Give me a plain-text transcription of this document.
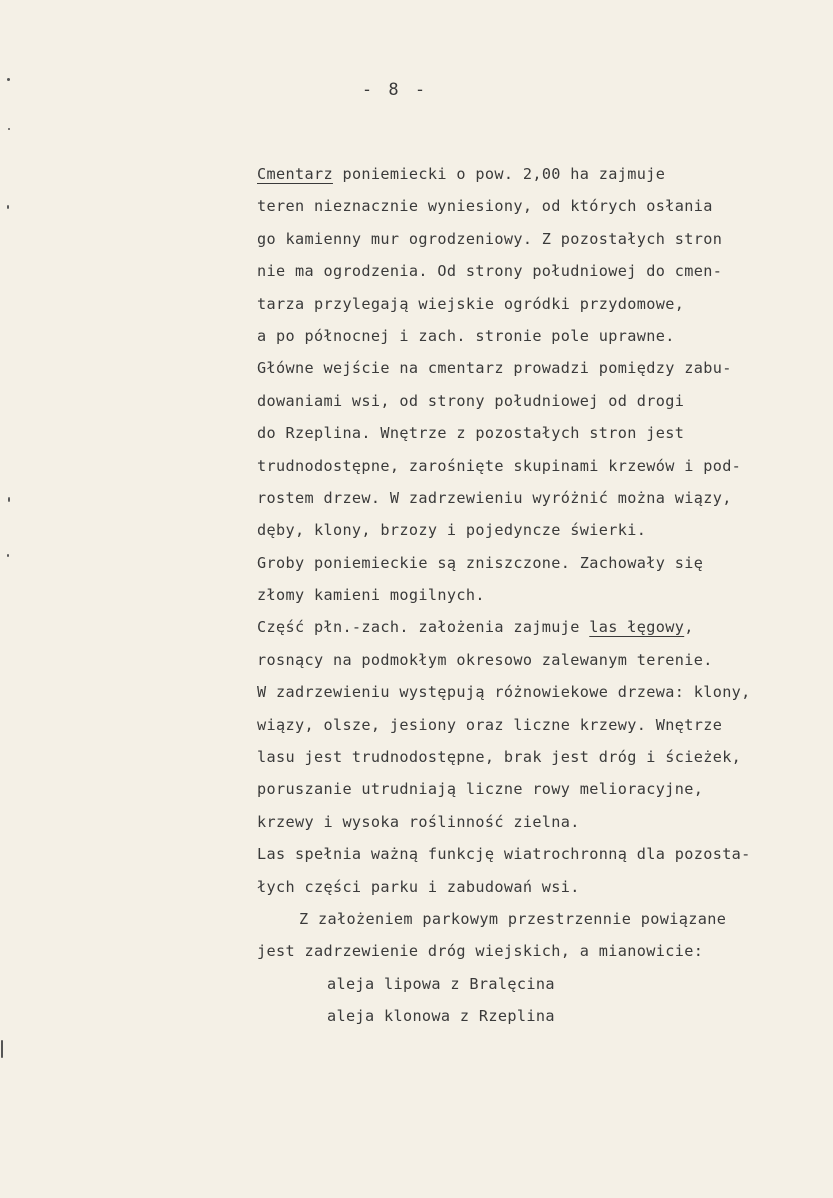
- 8 -
Cmentarz poniemiecki o pow. 2,00 ha zajmuje
teren nieznacznie wyniesiony, od których osłania
go kamienny mur ogrodzeniowy. Z pozostałych stron
nie ma ogrodzenia. Od strony południowej do cmen-
tarza przylegają wiejskie ogródki przydomowe,
a po północnej i zach. stronie pole uprawne.
Główne wejście na cmentarz prowadzi pomiędzy zabu-
dowaniami wsi, od strony południowej od drogi
do Rzeplina. Wnętrze z pozostałych stron jest
trudnodostępne, zarośnięte skupinami krzewów i pod-
rostem drzew. W zadrzewieniu wyróżnić można wiązy,
dęby, klony, brzozy i pojedyncze świerki.
Groby poniemieckie są zniszczone. Zachowały się
złomy kamieni mogilnych.
Część płn.-zach. założenia zajmuje las łęgowy,
rosnący na podmokłym okresowo zalewanym terenie.
W zadrzewieniu występują różnowiekowe drzewa: klony,
wiązy, olsze, jesiony oraz liczne krzewy. Wnętrze
lasu jest trudnodostępne, brak jest dróg i ścieżek,
poruszanie utrudniają liczne rowy melioracyjne,
krzewy i wysoka roślinność zielna.
Las spełnia ważną funkcję wiatrochronną dla pozosta-
łych części parku i zabudowań wsi.
Z założeniem parkowym przestrzennie powiązane
jest zadrzewienie dróg wiejskich, a mianowicie:
aleja lipowa z Bralęcina
aleja klonowa z Rzeplina
